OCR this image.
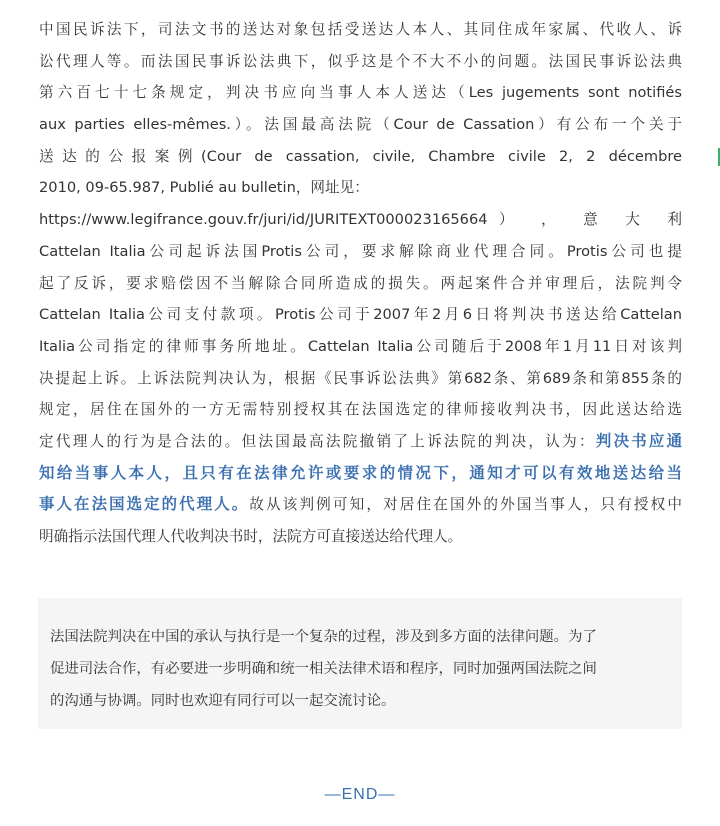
中国民诉法下，司法文书的送达对象包括受送达人本人、其同住成年家属、代收人、诉
讼代理人等。而法国民事诉讼法典下，似乎这是个不大不小的问题。法国民事诉讼法典
第六百七十七条规定，判决书应向当事人本人送达（Les jugements sont notifiés
aux parties elles-mêmes.）。法国最高法院（Cour de Cassation）有公布一个关于
送达的公报案例(Cour de cassation, civile, Chambre civile 2, 2 décembre
2010, 09-65.987, Publié au bulletin，网址见：
https://www.legifrance.gouv.fr/juri/id/JURITEXT000023165664） ， 意 大 利
Cattelan Italia公司起诉法国Protis公司，要求解除商业代理合同。Protis公司也提
起了反诉，要求赔偿因不当解除合同所造成的损失。两起案件合并审理后，法院判令
Cattelan Italia公司支付款项。Protis公司于2007年2月6日将判决书送达给Cattelan
Italia公司指定的律师事务所地址。Cattelan Italia公司随后于2008年1月11日对该判
决提起上诉。上诉法院判决认为，根据《民事诉讼法典》第682条、第689条和第855条的
规定，居住在国外的一方无需特别授权其在法国选定的律师接收判决书，因此送达给选
定代理人的行为是合法的。但法国最高法院撤销了上诉法院的判决，认为：判决书应通
知给当事人本人，且只有在法律允许或要求的情况下，通知才可以有效地送达给当
事人在法国选定的代理人。故从该判例可知，对居住在国外的外国当事人，只有授权中
明确指示法国代理人代收判决书时，法院方可直接送达给代理人。
法国法院判决在中国的承认与执行是一个复杂的过程，涉及到多方面的法律问题。为了
促进司法合作，有必要进一步明确和统一相关法律术语和程序，同时加强两国法院之间
的沟通与协调。同时也欢迎有同行可以一起交流讨论。
—END—
